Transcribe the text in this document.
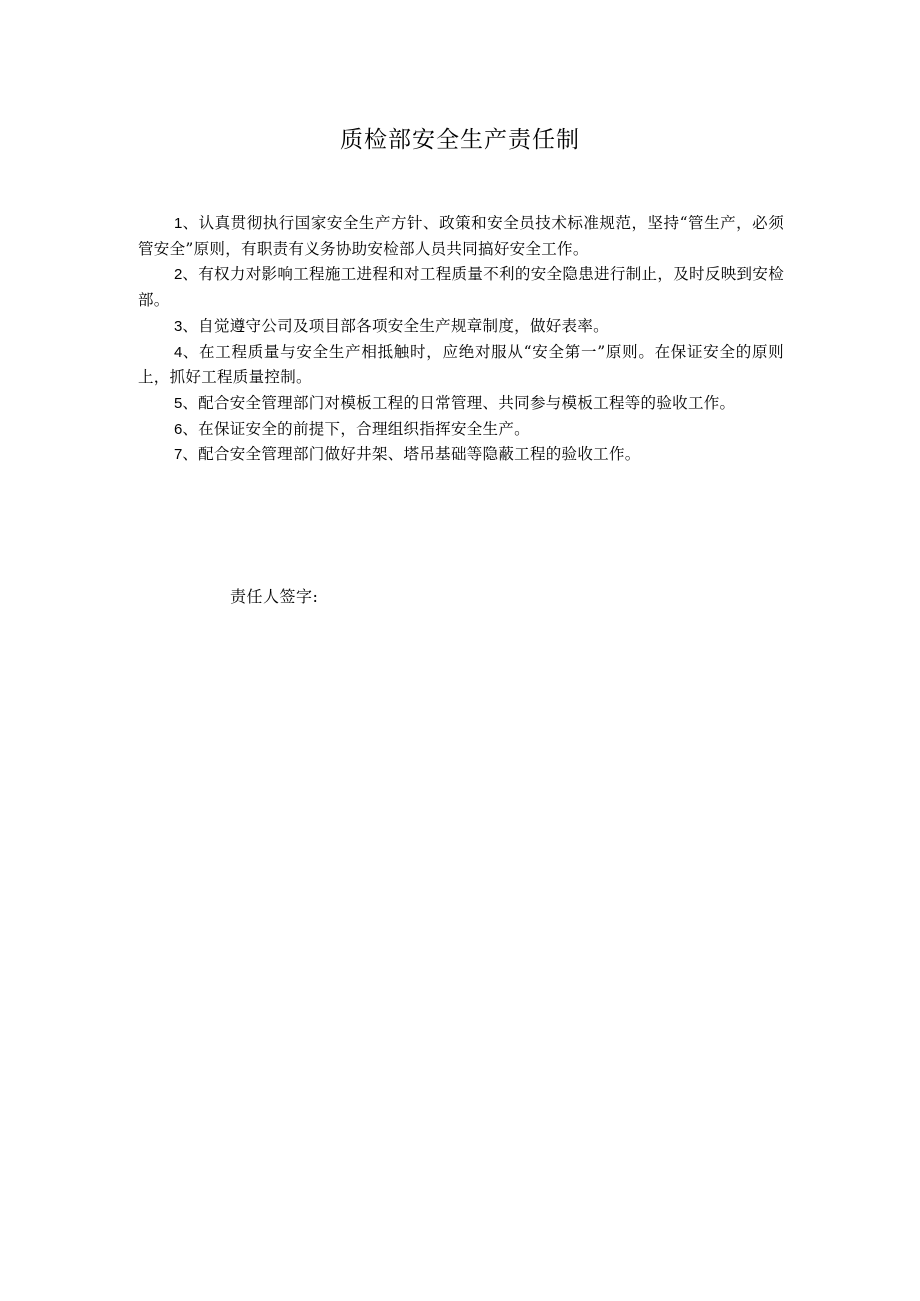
质检部安全生产责任制
1、认真贯彻执行国家安全生产方针、政策和安全员技术标准规范，坚持“管生产，必须管安全”原则，有职责有义务协助安检部人员共同搞好安全工作。
2、有权力对影响工程施工进程和对工程质量不利的安全隐患进行制止，及时反映到安检部。
3、自觉遵守公司及项目部各项安全生产规章制度，做好表率。
4、在工程质量与安全生产相抵触时，应绝对服从“安全第一”原则。在保证安全的原则上，抓好工程质量控制。
5、配合安全管理部门对模板工程的日常管理、共同参与模板工程等的验收工作。
6、在保证安全的前提下，合理组织指挥安全生产。
7、配合安全管理部门做好井架、塔吊基础等隐蔽工程的验收工作。

责任人签字:
